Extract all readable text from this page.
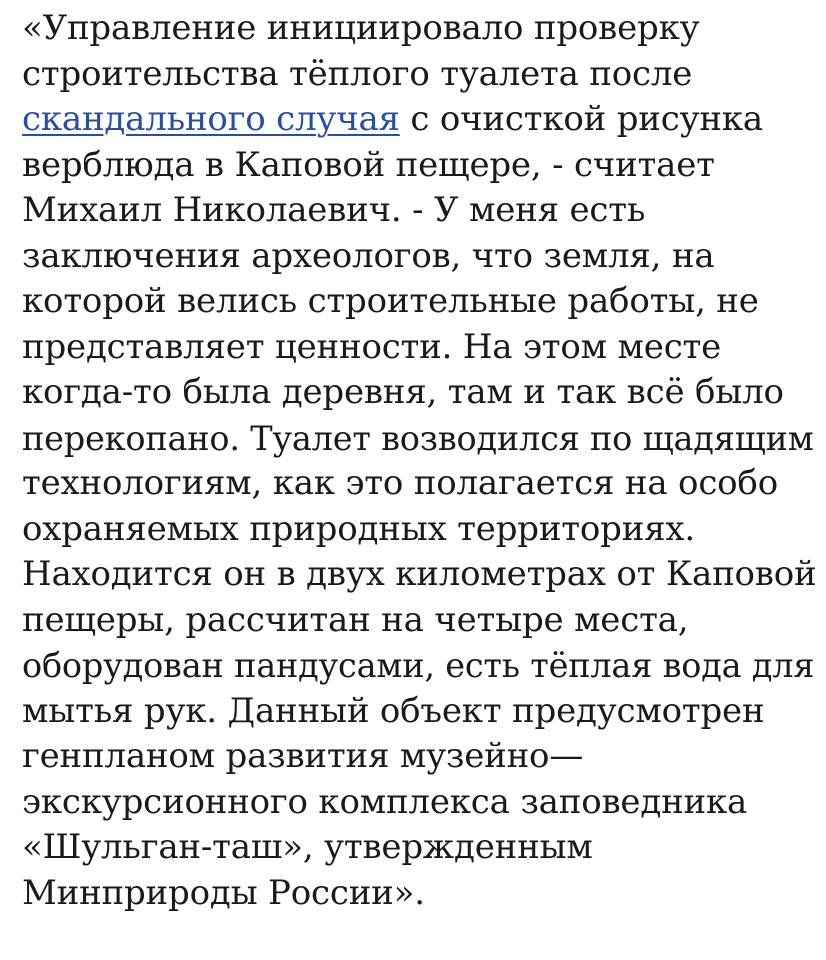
«Управление инициировало проверку
строительства тёплого туалета после
скандального случая с очисткой рисунка
верблюда в Каповой пещере, - считает
Михаил Николаевич. - У меня есть
заключения археологов, что земля, на
которой велись строительные работы, не
представляет ценности. На этом месте
когда-то была деревня, там и так всё было
перекопано. Туалет возводился по щадящим
технологиям, как это полагается на особо
охраняемых природных территориях.
Находится он в двух километрах от Каповой
пещеры, рассчитан на четыре места,
оборудован пандусами, есть тёплая вода для
мытья рук. Данный объект предусмотрен
генпланом развития музейно—
экскурсионного комплекса заповедника
«Шульган-таш», утвержденным
Минприроды России».
